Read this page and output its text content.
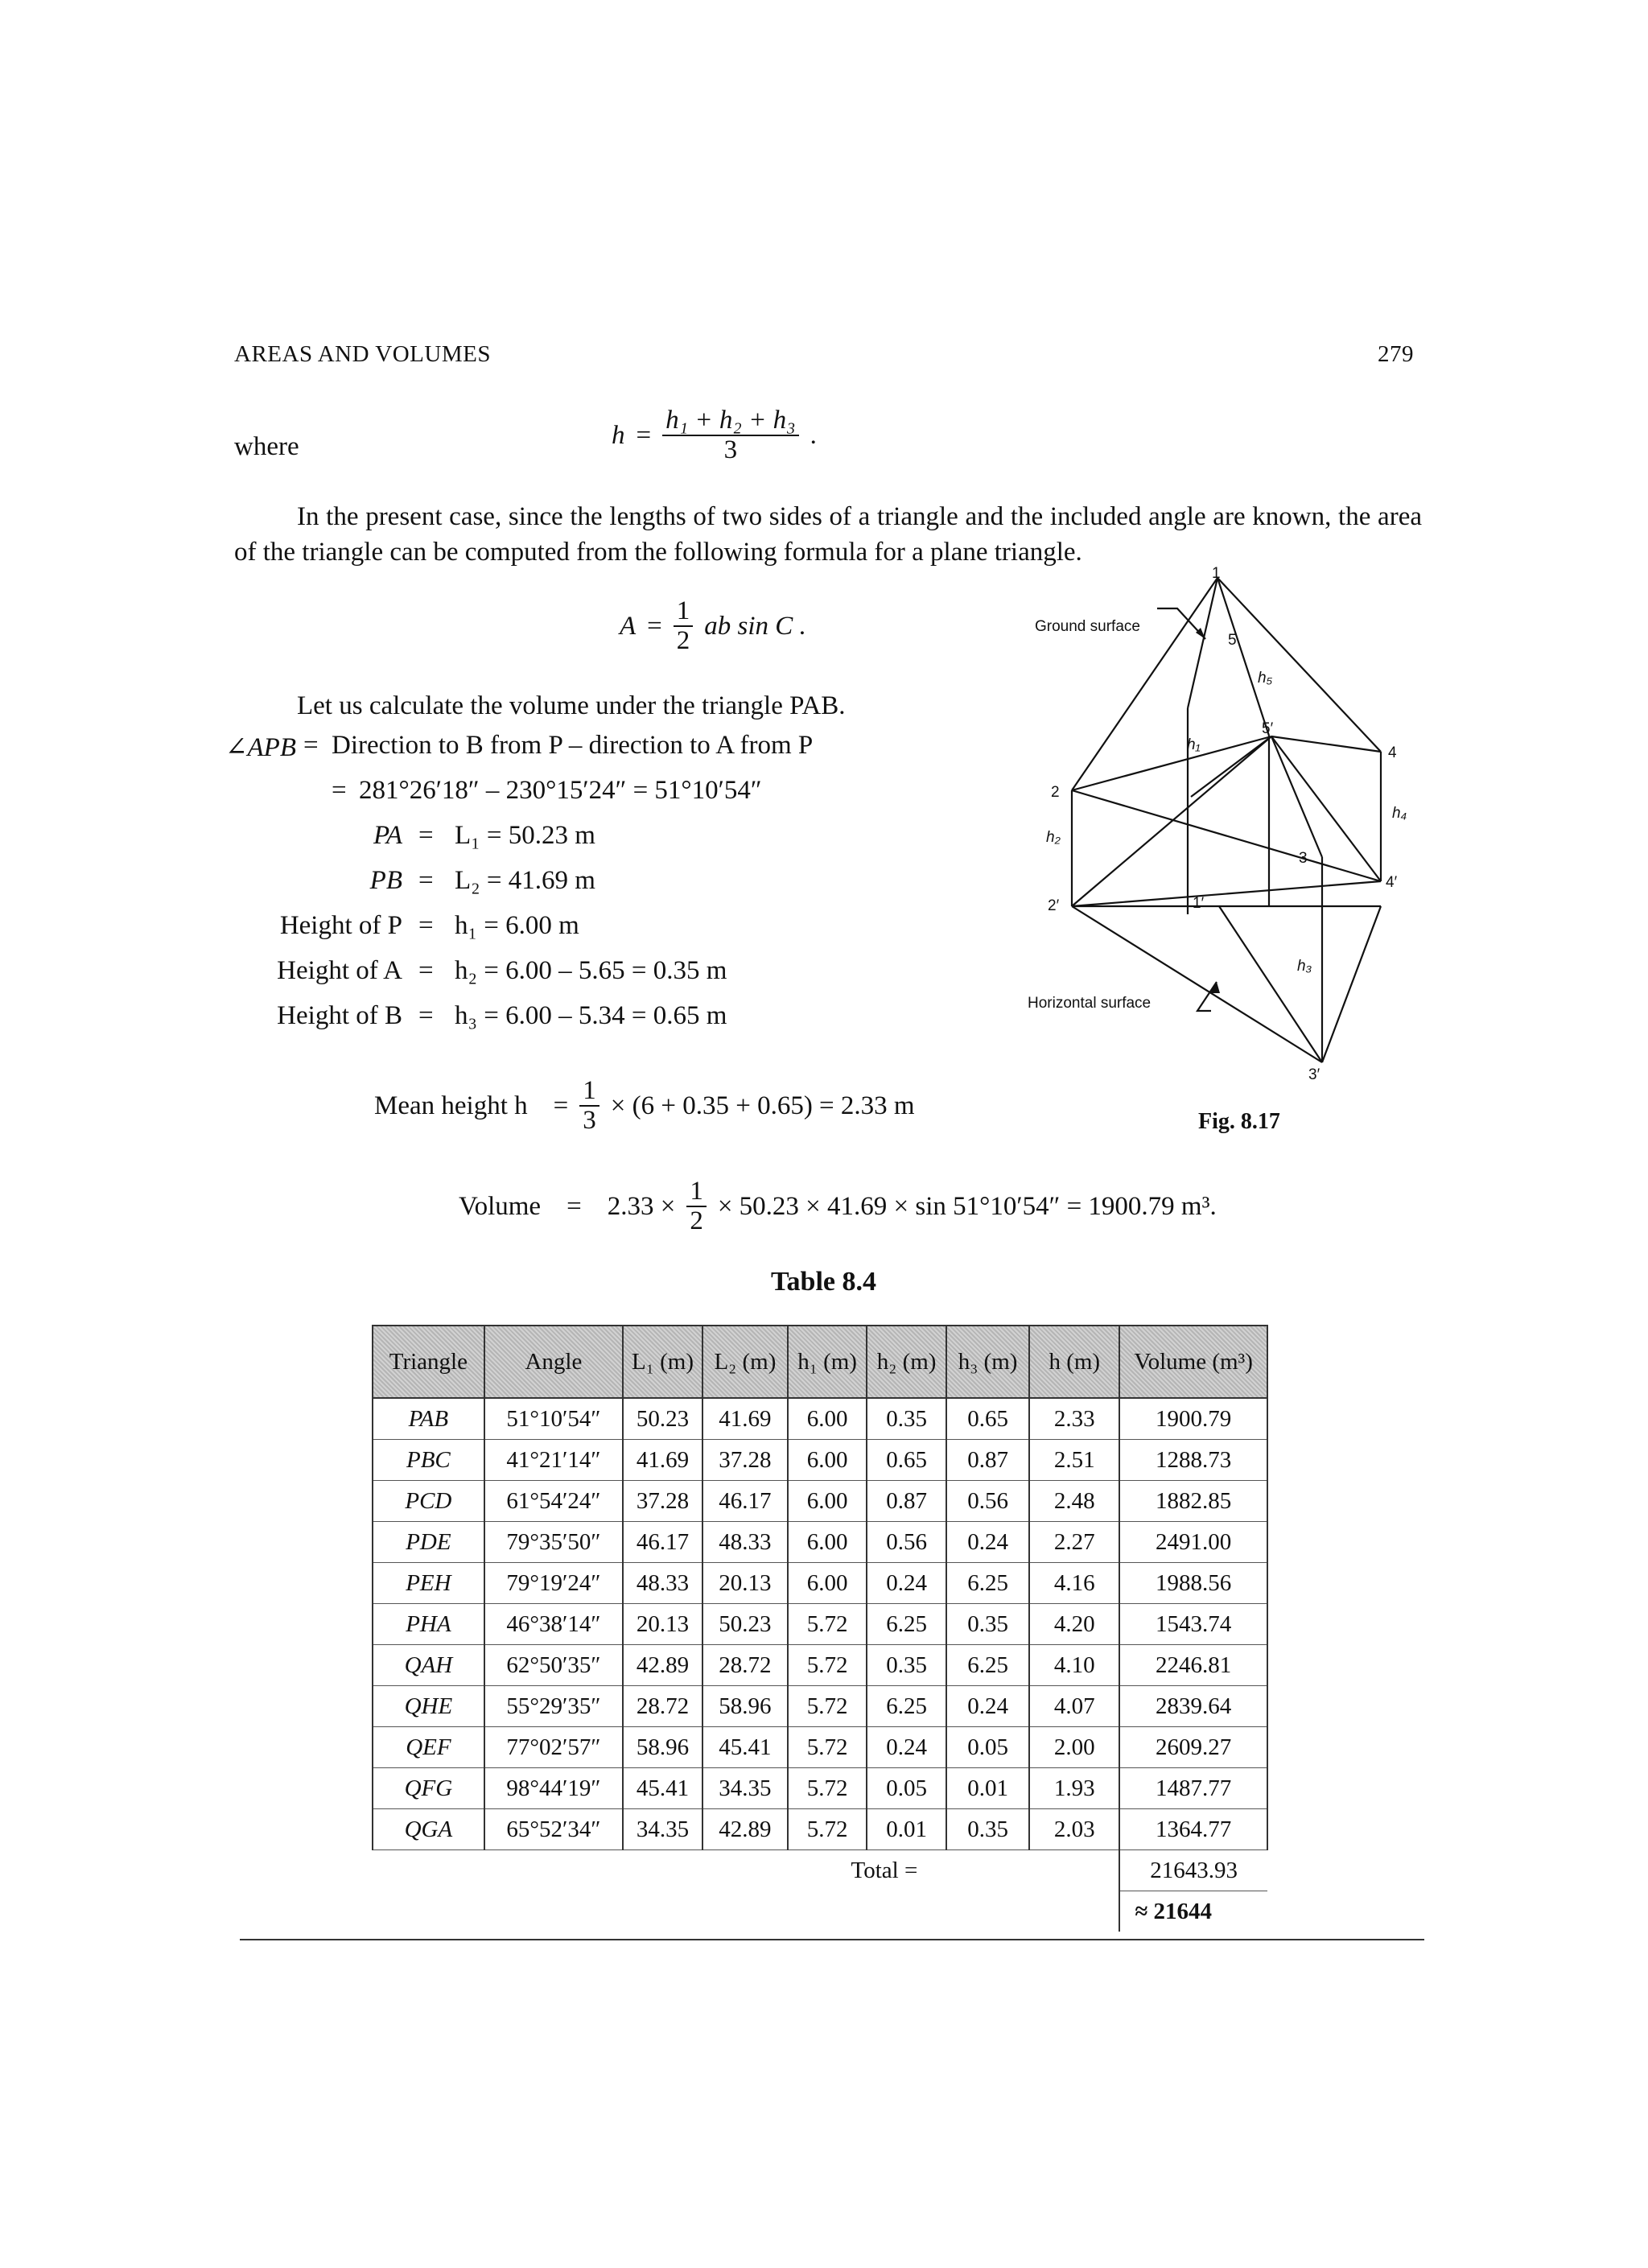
AREAS AND VOLUMES	279
where	$h = \frac{\text{h₁ + h₂ + h₃}}{3}$ .
In the present case, since the lengths of two sides of a triangle and the included angle are known, the area of the triangle can be computed from the following formula for a plane triangle.
$A = \frac{1}{2}$ ab sin C .
Let us calculate the volume under the triangle PAB.
∠APB = Direction to B from P – direction to A from P
= 281°26′18″ – 230°15′24″ = 51°10′54″
PA = L₁ = 50.23 m
PB = L₂ = 41.69 m
Height of P = h₁ = 6.00 m
Height of A = h₂ = 6.00 – 5.65 = 0.35 m
Height of B = h₃ = 6.00 – 5.34 = 0.65 m
Mean height $h = \frac{1}{3} \times (6 + 0.35 + 0.65) = 2.33$ m
Volume = $2.33 \times \frac{1}{2} \times 50.23 \times 41.69 \times \sin 51^\circ 10'54'' = 1900.79$ m³.
1
2
3
4
5
1′
2′
3′
4′
5′
h₁
h₂
h₃
h₄
h₅
Ground surface
Horizontal surface
Fig. 8.17
Table 8.4
Triangle	Angle	L₁ (m)	L₂ (m)	h₁ (m)	h₂ (m)	h₃ (m)	h (m)	Volume (m³)
PAB	51°10′54″	50.23	41.69	6.00	0.35	0.65	2.33	1900.79
PBC	41°21′14″	41.69	37.28	6.00	0.65	0.87	2.51	1288.73
PCD	61°54′24″	37.28	46.17	6.00	0.87	0.56	2.48	1882.85
PDE	79°35′50″	46.17	48.33	6.00	0.56	0.24	2.27	2491.00
PEH	79°19′24″	48.33	20.13	6.00	0.24	6.25	4.16	1988.56
PHA	46°38′14″	20.13	50.23	5.72	6.25	0.35	4.20	1543.74
QAH	62°50′35″	42.89	28.72	5.72	0.35	6.25	4.10	2246.81
QHE	55°29′35″	28.72	58.96	5.72	6.25	0.24	4.07	2839.64
QEF	77°02′57″	58.96	45.41	5.72	0.24	0.05	2.00	2609.27
QFG	98°44′19″	45.41	34.35	5.72	0.05	0.01	1.93	1487.77
QGA	65°52′34″	34.35	42.89	5.72	0.01	0.35	2.03	1364.77
Total =								21643.93
								≈ 21644
